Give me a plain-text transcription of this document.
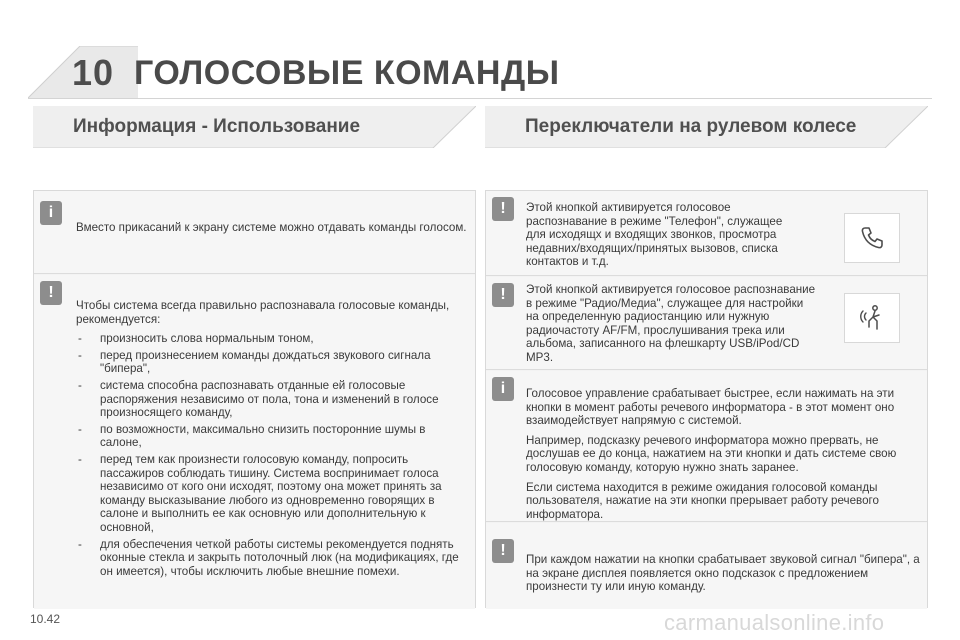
10 ГОЛОСОВЫЕ КОМАНДЫ
Информация - Использование	Переключатели на рулевом колесе
i
Вместо прикасаний к экрану системе можно отдавать команды голосом.
!

Чтобы система всегда правильно распознавала голосовые команды, рекомендуется:

- произносить слова нормальным тоном,
- перед произнесением команды дождаться звукового сигнала "бипера",
- система способна распознавать отданные ей голосовые распоряжения независимо от пола, тона и изменений в голосе произносящего команду,
- по возможности, максимально снизить посторонние шумы в салоне,
- перед тем как произнести голосовую команду, попросить пассажиров соблюдать тишину. Система воспринимает голоса независимо от кого они исходят, поэтому она может принять за команду высказывание любого из одновременно говорящих в салоне и выполнить ее как основную или дополнительную к основной,
- для обеспечения четкой работы системы рекомендуется поднять оконные стекла и закрыть потолочный люк (на модификациях, где он имеется), чтобы исключить любые внешние помехи.
!	Этой кнопкой активируется голосовое распознавание в режиме "Телефон", служащее для исходящх и входящих звонков, просмотра недавних/входящих/принятых вызовов, списка контактов и т.д.
!	Этой кнопкой активируется голосовое распознавание в режиме "Радио/Медиа", служащее для настройки на определенную радиостанцию или нужную радиочастоту AF/FM, прослушивания трека или альбома, записанного на флешкарту USB/iPod/CD MP3.
i	Голосовое управление срабатывает быстрее, если нажимать на эти кнопки в момент работы речевого информатора - в этот момент оно взаимодействует напрямую с системой.

Например, подсказку речевого информатора можно прервать, не дослушав ее до конца, нажатием на эти кнопки и дать системе свою голосовую команду, которую нужно знать заранее.

Если система находится в режиме ожидания голосовой команды пользователя, нажатие на эти кнопки прерывает работу речевого информатора.

!
При каждом нажатии на кнопки срабатывает звуковой сигнал "бипера", а на экране дисплея появляется окно подсказок с предложением произнести ту или иную команду.
10.42	carmanualsonline.info
